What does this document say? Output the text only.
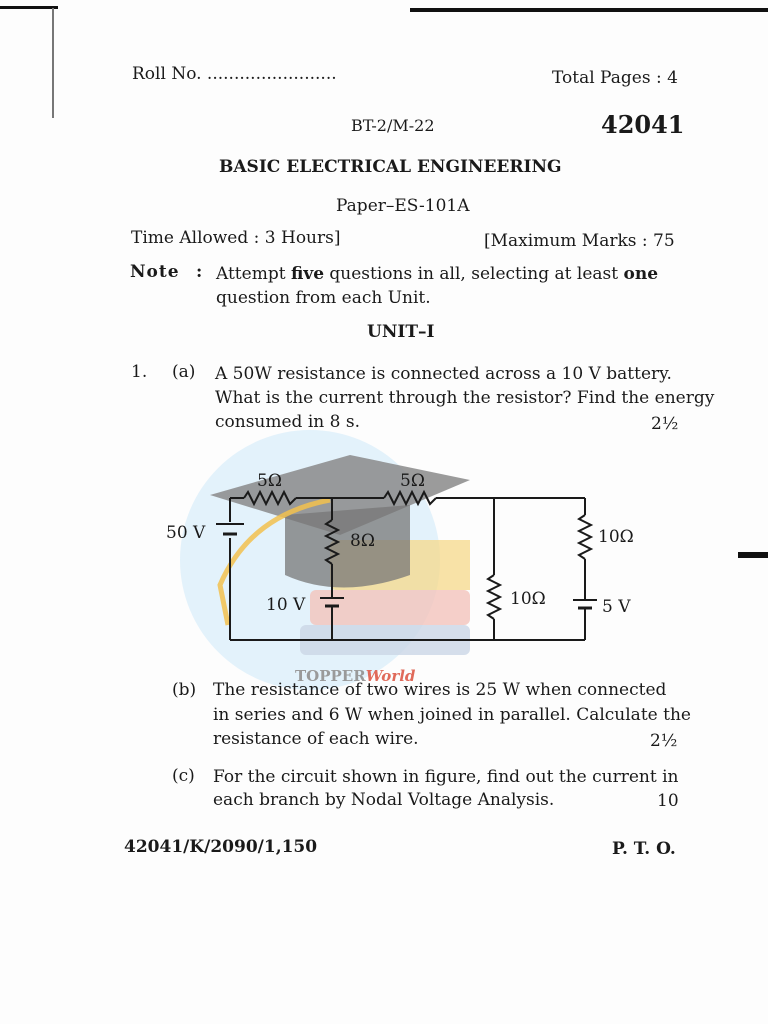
TOPPERWorld
Roll No. ........................	Total Pages : 4
BT-2/M-22	42041
BASIC ELECTRICAL ENGINEERING
Paper–ES-101A
Time Allowed : 3 Hours]	[Maximum Marks : 75
Note : Attempt five questions in all, selecting at least one
question from each Unit.
UNIT–I
1. (a) A 50W resistance is connected across a 10 V battery.
What is the current through the resistor? Find the energy
consumed in 8 s.	2½
5Ω	5Ω
8Ω
10Ω
10Ω
50 V
10 V	5 V
(b) The resistance of two wires is 25 W when connected
in series and 6 W when joined in parallel. Calculate the
resistance of each wire.	2½
(c) For the circuit shown in figure, find out the current in
each branch by Nodal Voltage Analysis.	10
42041/K/2090/1,150	P. T. O.
